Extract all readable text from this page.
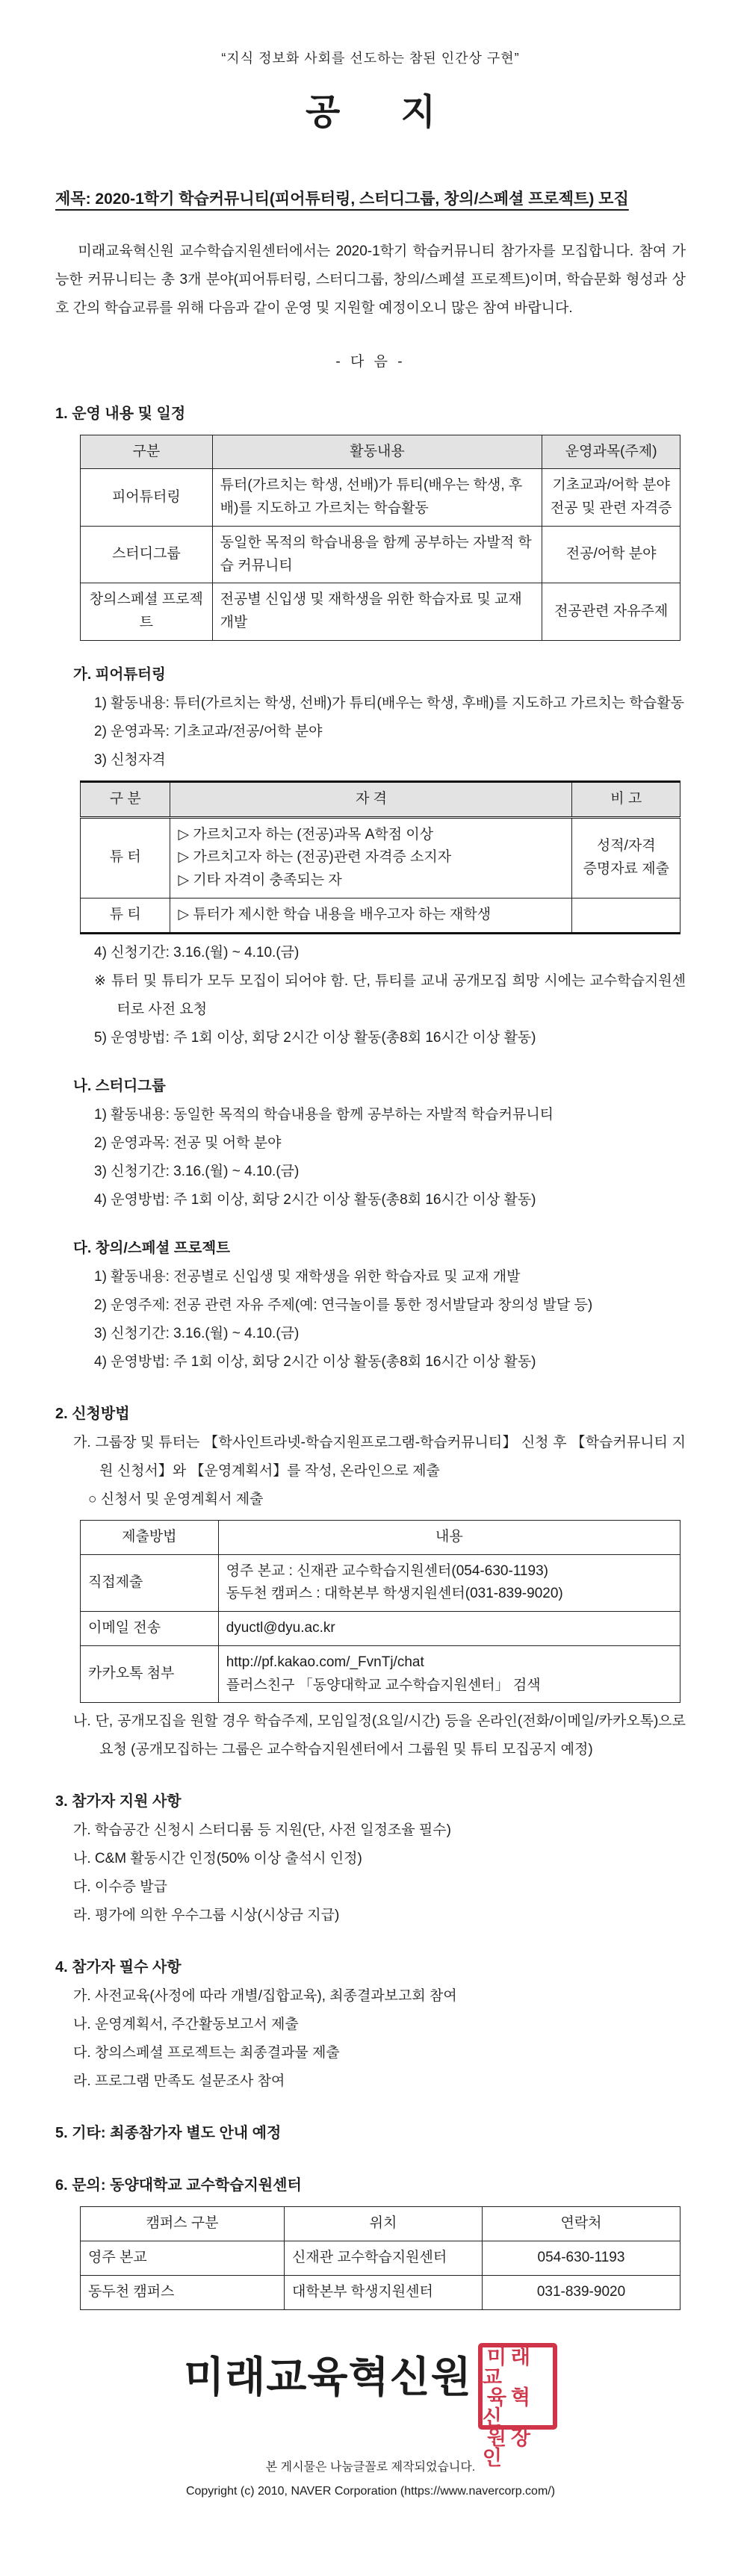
“지식 정보화 사회를 선도하는 참된 인간상 구현”
공 지
제목: 2020-1학기 학습커뮤니티(피어튜터링, 스터디그룹, 창의/스페셜 프로젝트) 모집
미래교육혁신원 교수학습지원센터에서는 2020-1학기 학습커뮤니티 참가자를 모집합니다. 참여 가능한 커뮤니티는 총 3개 분야(피어튜터링, 스터디그룹, 창의/스페셜 프로젝트)이며, 학습문화 형성과 상호 간의 학습교류를 위해 다음과 같이 운영 및 지원할 예정이오니 많은 참여 바랍니다.
- 다 음 -
1. 운영 내용 및 일정
구분	활동내용	운영과목(주제)
피어튜터링	튜터(가르치는 학생, 선배)가 튜티(배우는 학생, 후배)를 지도하고 가르치는 학습활동	기초교과/어학 분야
전공 및 관련 자격증

스터디그룹	동일한 목적의 학습내용을 함께 공부하는 자발적 학습 커뮤니티	전공/어학 분야
창의스페셜 프로젝트	전공별 신입생 및 재학생을 위한 학습자료 및 교재 개발	전공관련 자유주제
가. 피어튜터링
1) 활동내용: 튜터(가르치는 학생, 선배)가 튜티(배우는 학생, 후배)를 지도하고 가르치는 학습활동
2) 운영과목: 기초교과/전공/어학 분야
3) 신청자격
구 분	자 격	비 고
튜 터	▷ 가르치고자 하는 (전공)과목 A학점 이상
▷ 가르치고자 하는 (전공)관련 자격증 소지자
▷ 기타 자격이 충족되는 자	성적/자격
증명자료 제출

튜 티	▷ 튜터가 제시한 학습 내용을 배우고자 하는 재학생	
4) 신청기간: 3.16.(월) ~ 4.10.(금)
※ 튜터 및 튜티가 모두 모집이 되어야 함. 단, 튜티를 교내 공개모집 희망 시에는 교수학습지원센터로 사전 요청
5) 운영방법: 주 1회 이상, 회당 2시간 이상 활동(총8회 16시간 이상 활동)
나. 스터디그룹
1) 활동내용: 동일한 목적의 학습내용을 함께 공부하는 자발적 학습커뮤니티
2) 운영과목: 전공 및 어학 분야
3) 신청기간: 3.16.(월) ~ 4.10.(금)
4) 운영방법: 주 1회 이상, 회당 2시간 이상 활동(총8회 16시간 이상 활동)
다. 창의/스페셜 프로젝트
1) 활동내용: 전공별로 신입생 및 재학생을 위한 학습자료 및 교재 개발
2) 운영주제: 전공 관련 자유 주제(예: 연극놀이를 통한 정서발달과 창의성 발달 등)
3) 신청기간: 3.16.(월) ~ 4.10.(금)
4) 운영방법: 주 1회 이상, 회당 2시간 이상 활동(총8회 16시간 이상 활동)
2. 신청방법
가. 그룹장 및 튜터는 【학사인트라넷-학습지원프로그램-학습커뮤니티】 신청 후 【학습커뮤니티 지원 신청서】와 【운영계획서】를 작성, 온라인으로 제출
○ 신청서 및 운영계획서 제출
제출방법	내용
직접제출	영주 본교 : 신재관 교수학습지원센터(054-630-1193)
동두천 캠퍼스 : 대학본부 학생지원센터(031-839-9020)

이메일 전송	dyuctl@dyu.ac.kr
카카오톡 첨부	http://pf.kakao.com/_FvnTj/chat
플러스친구 「동양대학교 교수학습지원센터」 검색
나. 단, 공개모집을 원할 경우 학습주제, 모임일정(요일/시간) 등을 온라인(전화/이메일/카카오톡)으로 요청 (공개모집하는 그룹은 교수학습지원센터에서 그룹원 및 튜티 모집공지 예정)
3. 참가자 지원 사항
가. 학습공간 신청시 스터디룸 등 지원(단, 사전 일정조율 필수)
나. C&M 활동시간 인정(50% 이상 출석시 인정)
다. 이수증 발급
라. 평가에 의한 우수그룹 시상(시상금 지급)
4. 참가자 필수 사항
가. 사전교육(사정에 따라 개별/집합교육), 최종결과보고회 참여
나. 운영계획서, 주간활동보고서 제출
다. 창의스페셜 프로젝트는 최종결과물 제출
라. 프로그램 만족도 설문조사 참여
5. 기타: 최종참가자 별도 안내 예정
6. 문의: 동양대학교 교수학습지원센터
캠퍼스 구분	위치	연락처
영주 본교	신재관 교수학습지원센터	054-630-1193
동두천 캠퍼스	대학본부 학생지원센터	031-839-9020
미래교육혁신원 미래교
육혁신
원장인
본 게시물은 나눔글꼴로 제작되었습니다.
Copyright (c) 2010, NAVER Corporation (https://www.navercorp.com/)
